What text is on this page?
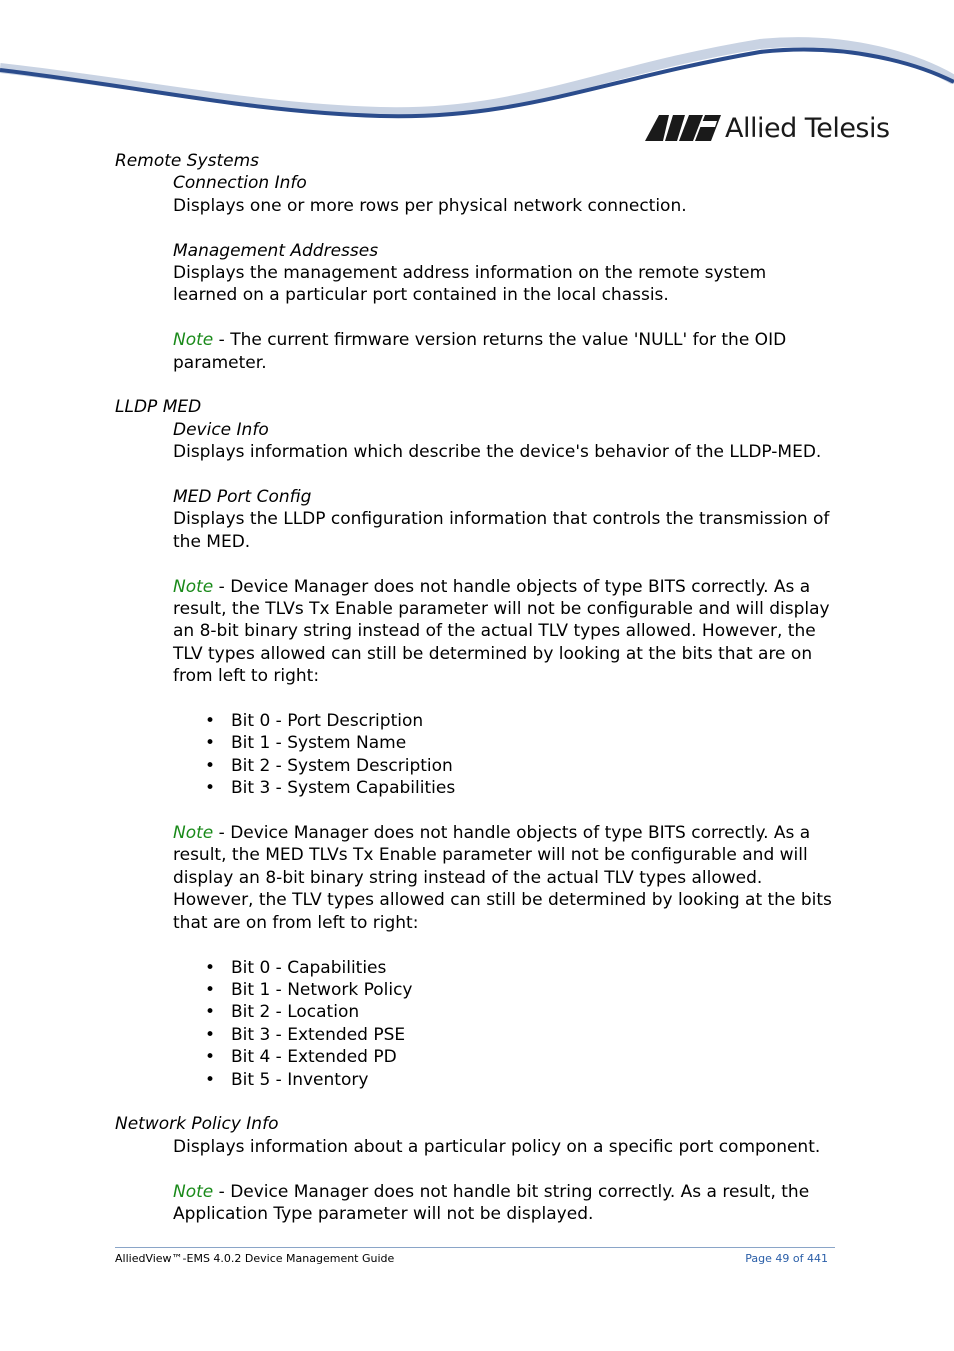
Allied Telesis

Remote Systems

Connection Info

Displays one or more rows per physical network connection.

Management Addresses

Displays the management address information on the remote system learned on a particular port contained in the local chassis.

Note - The current firmware version returns the value 'NULL' for the OID parameter.

LLDP MED

Device Info

Displays information which describe the device's behavior of the LLDP-MED.

MED Port Config

Displays the LLDP configuration information that controls the transmission of the MED.

Note - Device Manager does not handle objects of type BITS correctly. As a result, the TLVs Tx Enable parameter will not be configurable and will display an 8-bit binary string instead of the actual TLV types allowed. However, the TLV types allowed can still be determined by looking at the bits that are on from left to right:

• Bit 0 - Port Description
• Bit 1 - System Name
• Bit 2 - System Description
• Bit 3 - System Capabilities

Note - Device Manager does not handle objects of type BITS correctly. As a result, the MED TLVs Tx Enable parameter will not be configurable and will display an 8-bit binary string instead of the actual TLV types allowed. However, the TLV types allowed can still be determined by looking at the bits that are on from left to right:

• Bit 0 - Capabilities
• Bit 1 - Network Policy
• Bit 2 - Location
• Bit 3 - Extended PSE
• Bit 4 - Extended PD
• Bit 5 - Inventory

Network Policy Info

Displays information about a particular policy on a specific port component.

Note - Device Manager does not handle bit string correctly. As a result, the Application Type parameter will not be displayed.

AlliedView™-EMS 4.0.2 Device Management Guide	Page 49 of 441
